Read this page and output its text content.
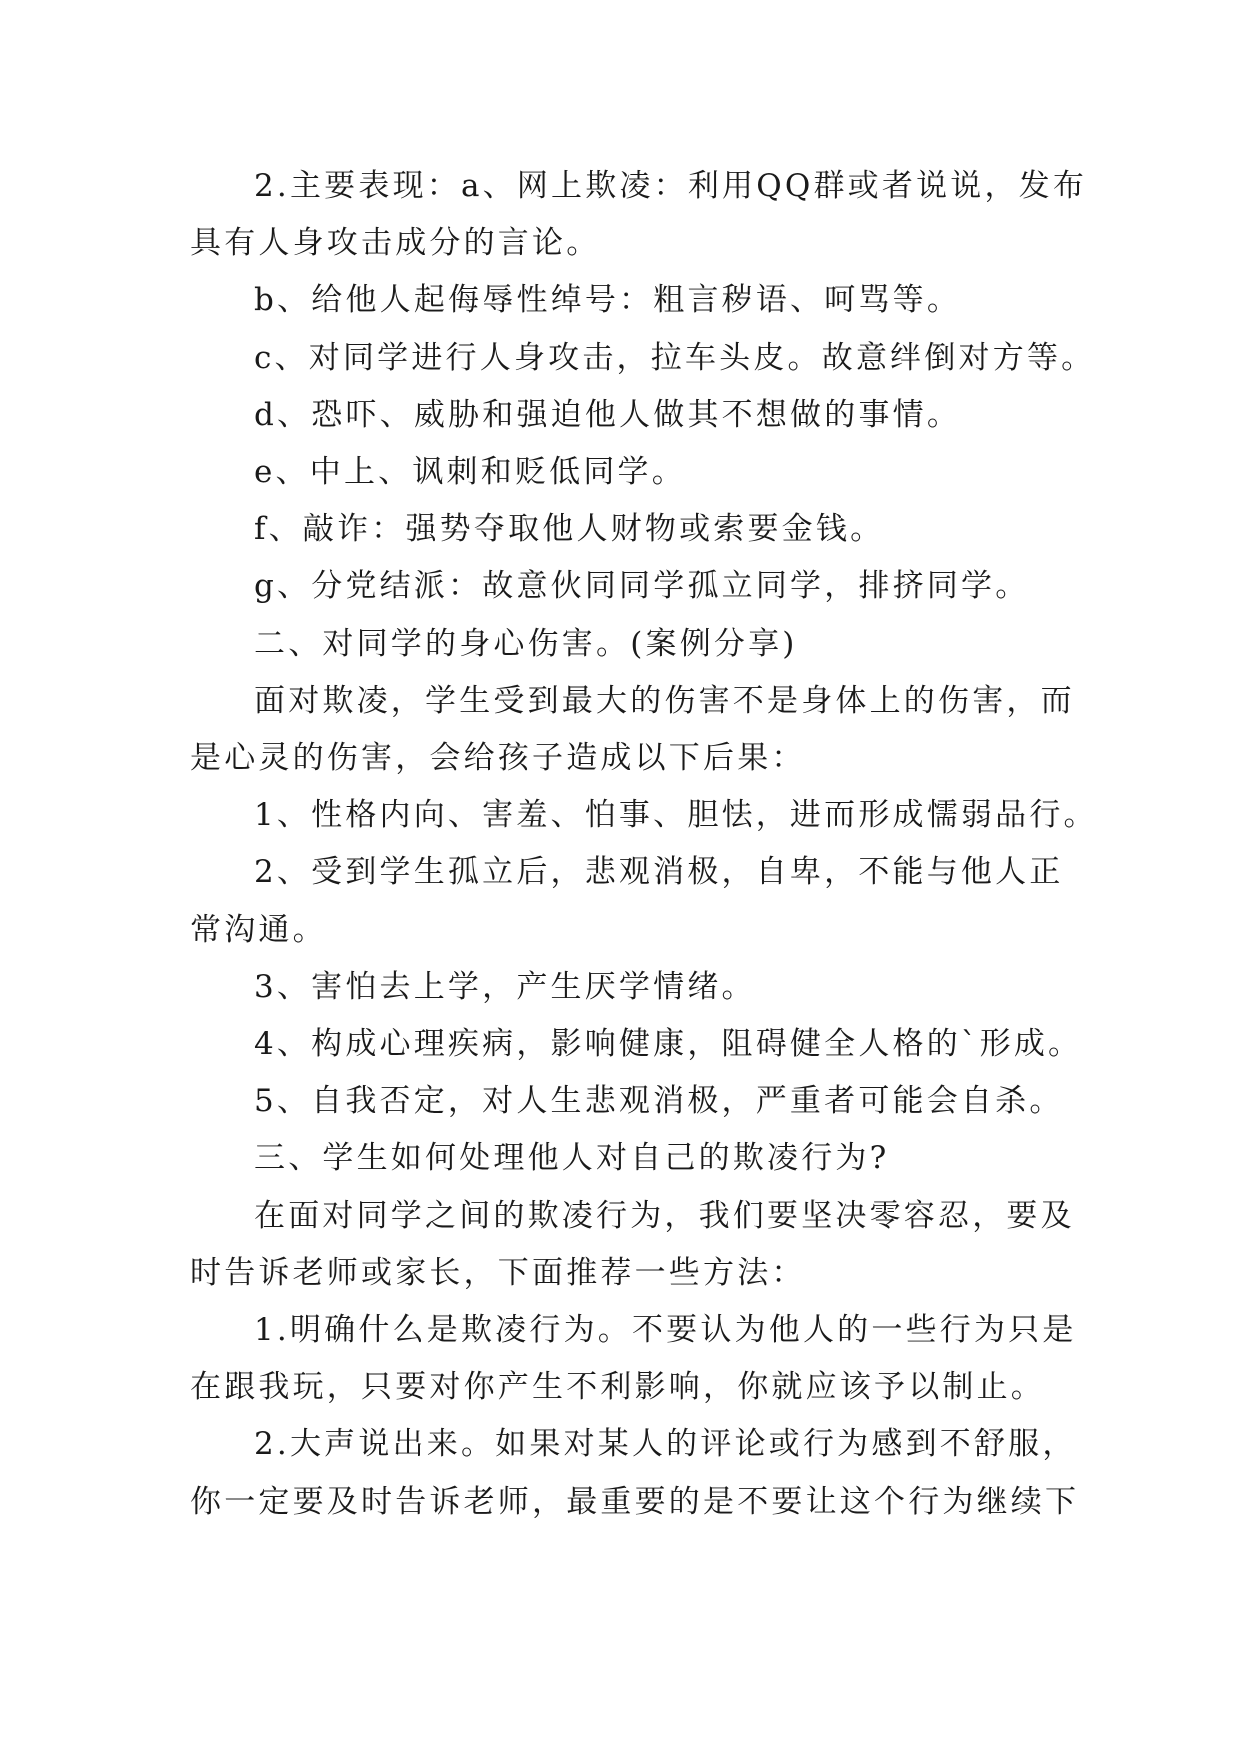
2.主要表现：a、网上欺凌：利用QQ群或者说说，发布
具有人身攻击成分的言论。
b、给他人起侮辱性绰号：粗言秽语、呵骂等。
c、对同学进行人身攻击，拉车头皮。故意绊倒对方等。
d、恐吓、威胁和强迫他人做其不想做的事情。
e、中上、讽刺和贬低同学。
f、敲诈：强势夺取他人财物或索要金钱。
g、分党结派：故意伙同同学孤立同学，排挤同学。
二、对同学的身心伤害。(案例分享)
面对欺凌，学生受到最大的伤害不是身体上的伤害，而
是心灵的伤害，会给孩子造成以下后果：
1、性格内向、害羞、怕事、胆怯，进而形成懦弱品行。
2、受到学生孤立后，悲观消极，自卑，不能与他人正
常沟通。
3、害怕去上学，产生厌学情绪。
4、构成心理疾病，影响健康，阻碍健全人格的`形成。
5、自我否定，对人生悲观消极，严重者可能会自杀。
三、学生如何处理他人对自己的欺凌行为?
在面对同学之间的欺凌行为，我们要坚决零容忍，要及
时告诉老师或家长，下面推荐一些方法：
1.明确什么是欺凌行为。不要认为他人的一些行为只是
在跟我玩，只要对你产生不利影响，你就应该予以制止。
2.大声说出来。如果对某人的评论或行为感到不舒服，
你一定要及时告诉老师，最重要的是不要让这个行为继续下
